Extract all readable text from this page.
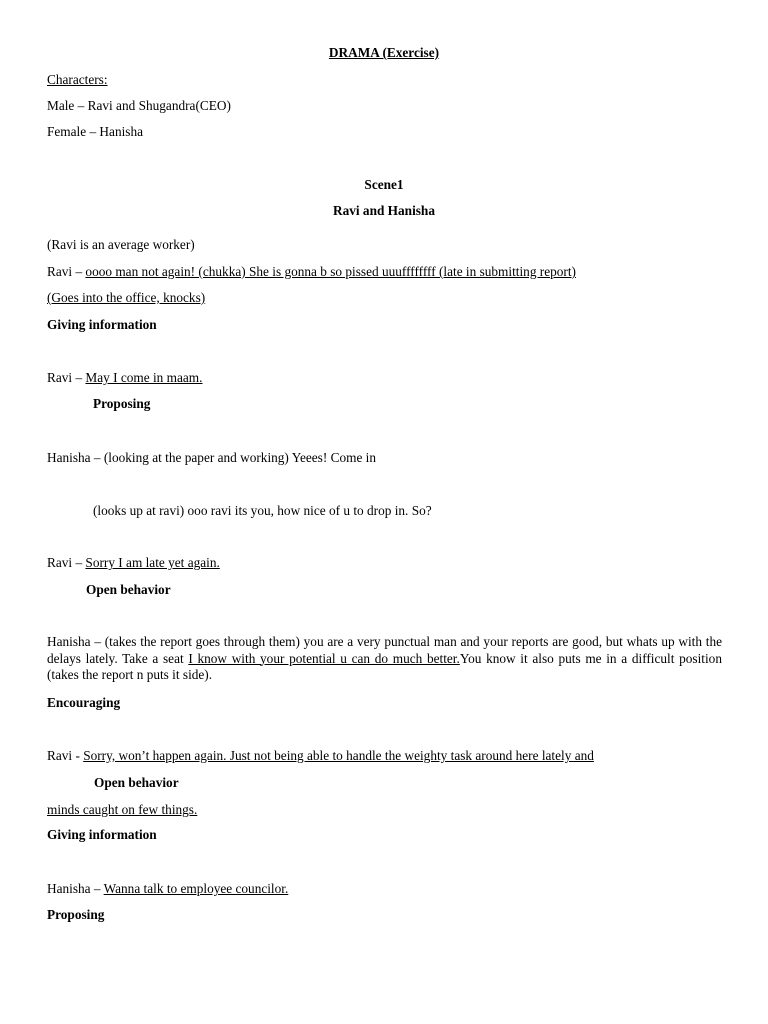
DRAMA (Exercise)
Characters:
Male – Ravi and Shugandra(CEO)
Female – Hanisha
Scene1
Ravi and Hanisha
(Ravi is an average worker)
Ravi – oooo man not again! (chukka) She is gonna b so pissed uuuffffffff (late in submitting report)
(Goes into the office, knocks)
Giving information
Ravi – May I come in maam.
Proposing
Hanisha – (looking at the paper and working) Yeees! Come in
(looks up at ravi) ooo ravi its you, how nice of u to drop in. So?
Ravi – Sorry I am late yet again.
Open behavior
Hanisha – (takes the report goes through them) you are a very punctual man and your reports are good, but whats up with the delays lately. Take a seat I know with your potential u can do much better.You know it also puts me in a difficult position (takes the report n puts it side).
Encouraging
Ravi - Sorry, won’t happen again. Just not being able to handle the weighty task around here lately and
Open behavior
minds caught on few things.
Giving information
Hanisha – Wanna talk to employee councilor.
Proposing
